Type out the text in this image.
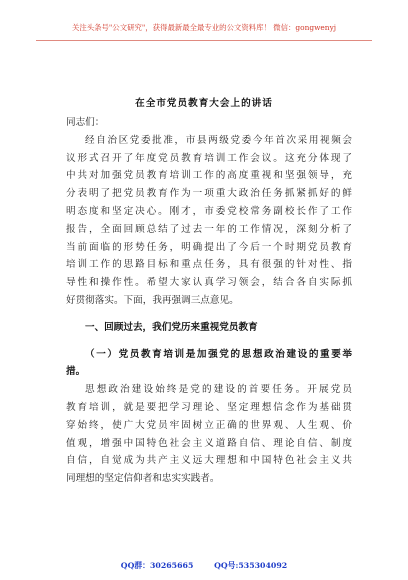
关注头条号"公文研究"，获得最新最全最专业的公文资料库！ 微信：gongwenyj
在全市党员教育大会上的讲话
同志们：
经自治区党委批准，市县两级党委今年首次采用视频会
议形式召开了年度党员教育培训工作会议。这充分体现了
中共对加强党员教育培训工作的高度重视和坚强领导，充
分表明了把党员教育作为一项重大政治任务抓紧抓好的鲜
明态度和坚定决心。刚才，市委党校常务副校长作了工作
报告，全面回顾总结了过去一年的工作情况，深刻分析了
当前面临的形势任务，明确提出了今后一个时期党员教育
培训工作的思路目标和重点任务，具有很强的针对性、指
导性和操作性。希望大家认真学习领会，结合各自实际抓
好贯彻落实。下面，我再强调三点意见。
一、回顾过去，我们党历来重视党员教育
（一）党员教育培训是加强党的思想政治建设的重要举
措。
思想政治建设始终是党的建设的首要任务。开展党员
教育培训，就是要把学习理论、坚定理想信念作为基础贯
穿始终，使广大党员牢固树立正确的世界观、人生观、价
值观，增强中国特色社会主义道路自信、理论自信、制度
自信，自觉成为共产主义远大理想和中国特色社会主义共
同理想的坚定信仰者和忠实实践者。
QQ群：30265665	QQ号:535304092
